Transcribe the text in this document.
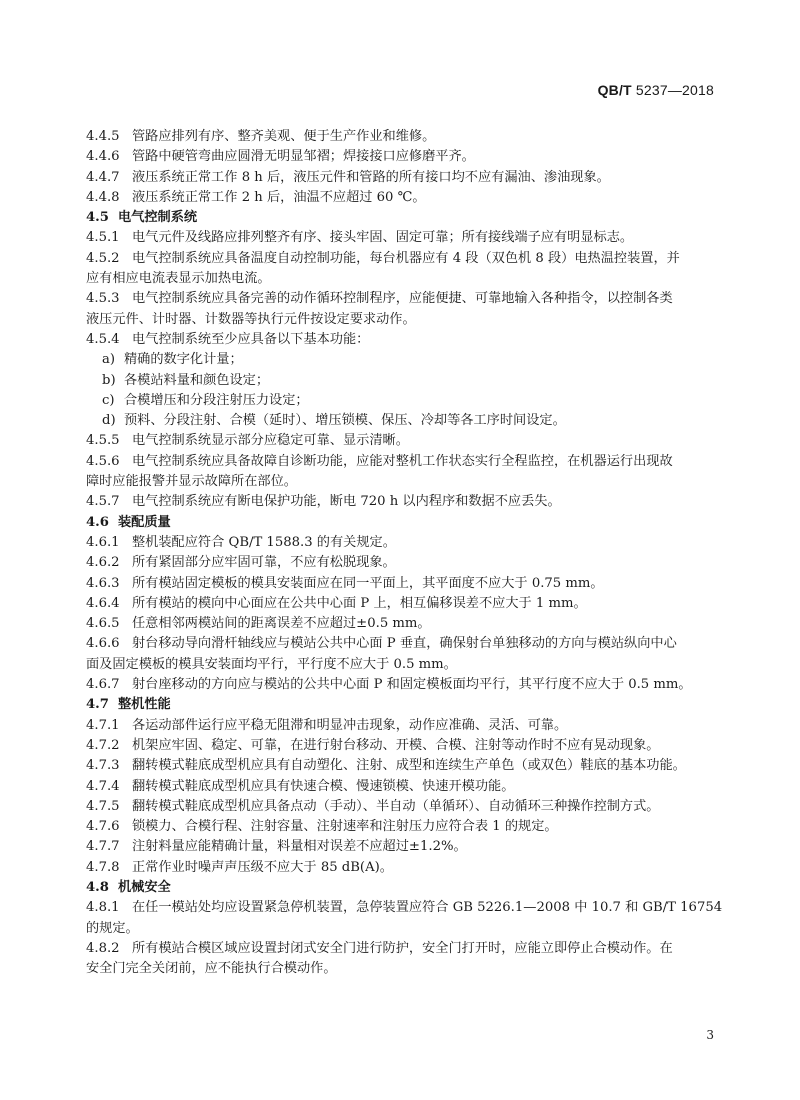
QB/T 5237—2018
4.4.5 管路应排列有序、整齐美观、便于生产作业和维修。
4.4.6 管路中硬管弯曲应圆滑无明显邹褶；焊接接口应修磨平齐。
4.4.7 液压系统正常工作 8 h 后，液压元件和管路的所有接口均不应有漏油、渗油现象。
4.4.8 液压系统正常工作 2 h 后，油温不应超过 60 ℃。
4.5 电气控制系统
4.5.1 电气元件及线路应排列整齐有序、接头牢固、固定可靠；所有接线端子应有明显标志。
4.5.2 电气控制系统应具备温度自动控制功能，每台机器应有 4 段（双色机 8 段）电热温控装置，并
应有相应电流表显示加热电流。
4.5.3 电气控制系统应具备完善的动作循环控制程序，应能便捷、可靠地输入各种指令，以控制各类
液压元件、计时器、计数器等执行元件按设定要求动作。
4.5.4 电气控制系统至少应具备以下基本功能：
a) 精确的数字化计量；
b) 各模站料量和颜色设定；
c) 合模增压和分段注射压力设定；
d) 预料、分段注射、合模（延时）、增压锁模、保压、冷却等各工序时间设定。
4.5.5 电气控制系统显示部分应稳定可靠、显示清晰。
4.5.6 电气控制系统应具备故障自诊断功能，应能对整机工作状态实行全程监控，在机器运行出现故
障时应能报警并显示故障所在部位。
4.5.7 电气控制系统应有断电保护功能，断电 720 h 以内程序和数据不应丢失。
4.6 装配质量
4.6.1 整机装配应符合 QB/T 1588.3 的有关规定。
4.6.2 所有紧固部分应牢固可靠，不应有松脱现象。
4.6.3 所有模站固定模板的模具安装面应在同一平面上，其平面度不应大于 0.75 mm。
4.6.4 所有模站的模向中心面应在公共中心面 P 上，相互偏移误差不应大于 1 mm。
4.6.5 任意相邻两模站间的距离误差不应超过±0.5 mm。
4.6.6 射台移动导向滑杆轴线应与模站公共中心面 P 垂直，确保射台单独移动的方向与模站纵向中心
面及固定模板的模具安装面均平行，平行度不应大于 0.5 mm。
4.6.7 射台座移动的方向应与模站的公共中心面 P 和固定模板面均平行，其平行度不应大于 0.5 mm。
4.7 整机性能
4.7.1 各运动部件运行应平稳无阻滞和明显冲击现象，动作应准确、灵活、可靠。
4.7.2 机架应牢固、稳定、可靠，在进行射台移动、开模、合模、注射等动作时不应有晃动现象。
4.7.3 翻转模式鞋底成型机应具有自动塑化、注射、成型和连续生产单色（或双色）鞋底的基本功能。
4.7.4 翻转模式鞋底成型机应具有快速合模、慢速锁模、快速开模功能。
4.7.5 翻转模式鞋底成型机应具备点动（手动）、半自动（单循环）、自动循环三种操作控制方式。
4.7.6 锁模力、合模行程、注射容量、注射速率和注射压力应符合表 1 的规定。
4.7.7 注射料量应能精确计量，料量相对误差不应超过±1.2%。
4.7.8 正常作业时噪声声压级不应大于 85 dB(A)。
4.8 机械安全
4.8.1 在任一模站处均应设置紧急停机装置，急停装置应符合 GB 5226.1—2008 中 10.7 和 GB/T 16754
的规定。
4.8.2 所有模站合模区域应设置封闭式安全门进行防护，安全门打开时，应能立即停止合模动作。在
安全门完全关闭前，应不能执行合模动作。
3
